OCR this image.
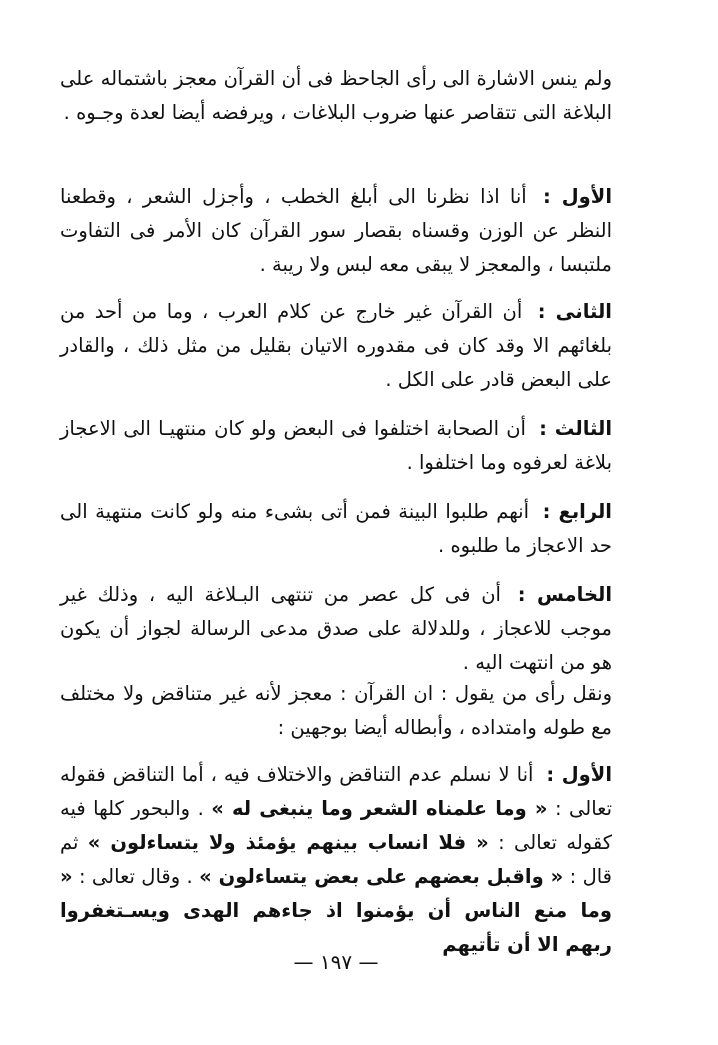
ولم ينس الاشارة الى رأى الجاحظ فى أن القرآن معجز باشتماله على البلاغة التى تتقاصر عنها ضروب البلاغات ، ويرفضه أيضا لعدة وجـوه .

الأول : أنا اذا نظرنا الى أبلغ الخطب ، وأجزل الشعر ، وقطعنا النظر عن الوزن وقسناه بقصار سور القرآن كان الأمر فى التفاوت ملتبسا ، والمعجز لا يبقى معه لبس ولا ريبة .

الثانى : أن القرآن غير خارج عن كلام العرب ، وما من أحد من بلغائهم الا وقد كان فى مقدوره الاتيان بقليل من مثل ذلك ، والقادر على البعض قادر على الكل .

الثالث : أن الصحابة اختلفوا فى البعض ولو كان منتهيـا الى الاعجاز بلاغة لعرفوه وما اختلفوا .

الرابع : أنهم طلبوا البينة فمن أتى بشىء منه ولو كانت منتهية الى حد الاعجاز ما طلبوه .

الخامس : أن فى كل عصر من تنتهى البـلاغة اليه ، وذلك غير موجب للاعجاز ، وللدلالة على صدق مدعى الرسالة لجواز أن يكون هو من انتهت اليه .

ونقل رأى من يقول : ان القرآن : معجز لأنه غير متناقض ولا مختلف مع طوله وامتداده ، وأبطاله أيضا بوجهين :

الأول : أنا لا نسلم عدم التناقض والاختلاف فيه ، أما التناقض فقوله تعالى : « وما علمناه الشعر وما ينبغى له » . والبحور كلها فيه كقوله تعالى : « فلا انساب بينهم يؤمئذ ولا يتساءلون » ثم قال : « واقبل بعضهم على بعض يتساءلون » . وقال تعالى : « وما منع الناس أن يؤمنوا اذ جاءهم الهدى ويسـتغفروا ربهم الا أن تأتيهم

— ١٩٧ —
